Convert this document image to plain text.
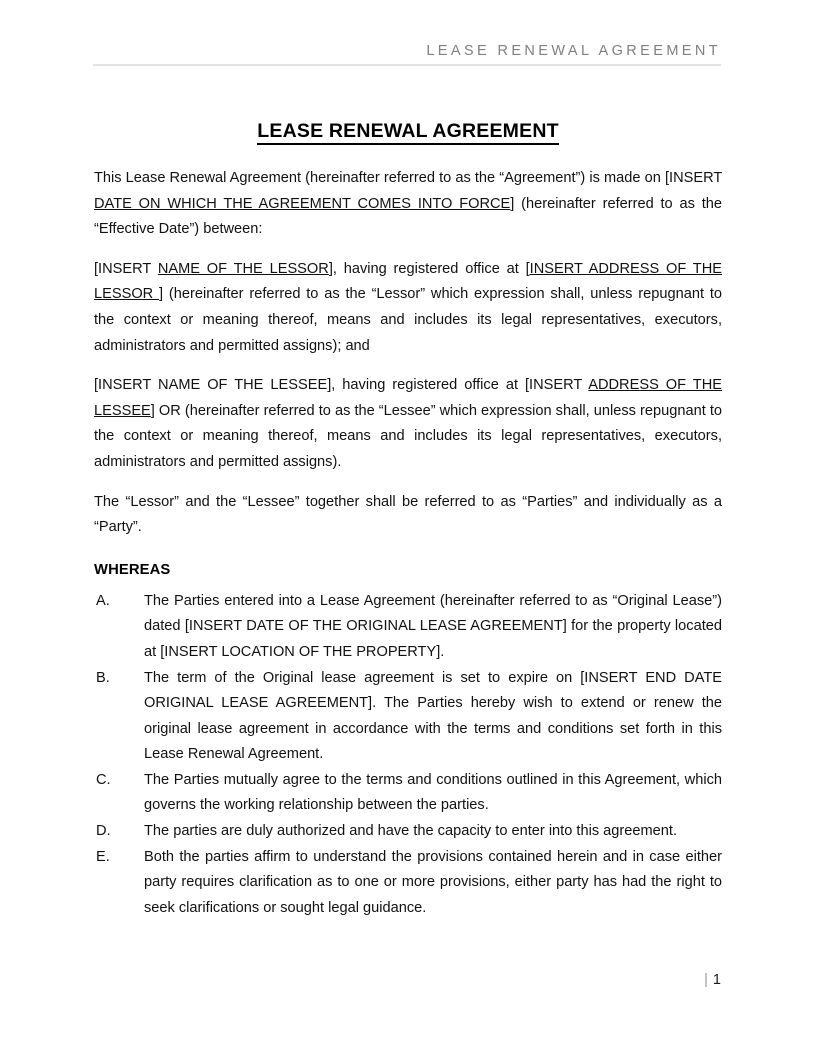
LEASE RENEWAL AGREEMENT
LEASE RENEWAL AGREEMENT

This Lease Renewal Agreement (hereinafter referred to as the “Agreement”) is made on [INSERT DATE ON WHICH THE AGREEMENT COMES INTO FORCE] (hereinafter referred to as the “Effective Date”) between:

[INSERT NAME OF THE LESSOR], having registered office at [INSERT ADDRESS OF THE LESSOR ] (hereinafter referred to as the “Lessor” which expression shall, unless repugnant to the context or meaning thereof, means and includes its legal representatives, executors, administrators and permitted assigns); and

[INSERT NAME OF THE LESSEE], having registered office at [INSERT ADDRESS OF THE LESSEE] OR (hereinafter referred to as the “Lessee” which expression shall, unless repugnant to the context or meaning thereof, means and includes its legal representatives, executors, administrators and permitted assigns).

The “Lessor” and the “Lessee” together shall be referred to as “Parties” and individually as a “Party”.

WHEREAS
A.	The Parties entered into a Lease Agreement (hereinafter referred to as “Original Lease”) dated [INSERT DATE OF THE ORIGINAL LEASE AGREEMENT] for the property located at [INSERT LOCATION OF THE PROPERTY].
B.	The term of the Original lease agreement is set to expire on [INSERT END DATE ORIGINAL LEASE AGREEMENT]. The Parties hereby wish to extend or renew the original lease agreement in accordance with the terms and conditions set forth in this Lease Renewal Agreement.
C.	The Parties mutually agree to the terms and conditions outlined in this Agreement, which governs the working relationship between the parties.
D.	The parties are duly authorized and have the capacity to enter into this agreement.
E.	Both the parties affirm to understand the provisions contained herein and in case either party requires clarification as to one or more provisions, either party has had the right to seek clarifications or sought legal guidance.
| 1
